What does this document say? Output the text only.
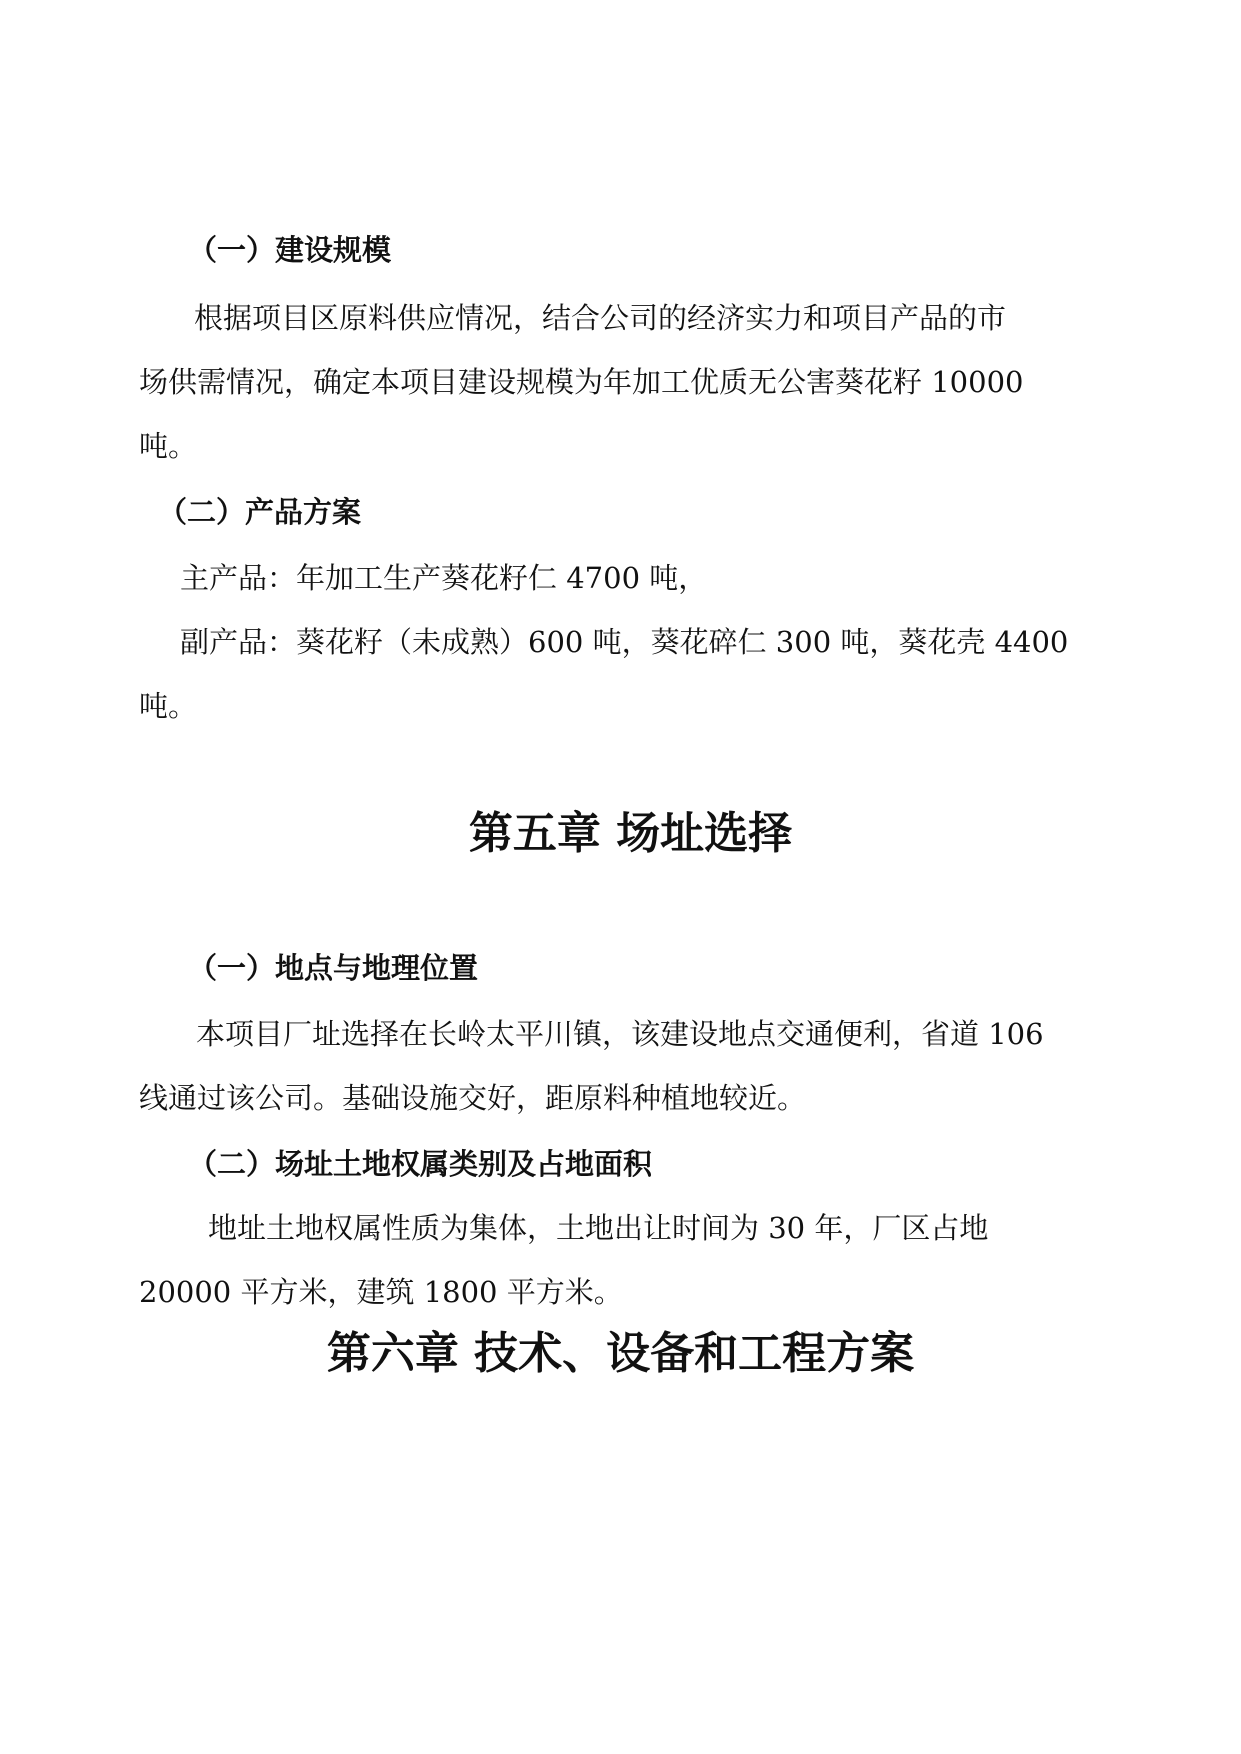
（一）建设规模
根据项目区原料供应情况，结合公司的经济实力和项目产品的市
场供需情况，确定本项目建设规模为年加工优质无公害葵花籽 10000
吨。
（二）产品方案
主产品：年加工生产葵花籽仁 4700 吨，
副产品：葵花籽（未成熟）600 吨，葵花碎仁 300 吨，葵花壳 4400
吨。
第五章 场址选择
（一）地点与地理位置
本项目厂址选择在长岭太平川镇，该建设地点交通便利，省道 106
线通过该公司。基础设施交好，距原料种植地较近。
（二）场址土地权属类别及占地面积
地址土地权属性质为集体，土地出让时间为 30 年，厂区占地
20000 平方米，建筑 1800 平方米。
第六章 技术、设备和工程方案
